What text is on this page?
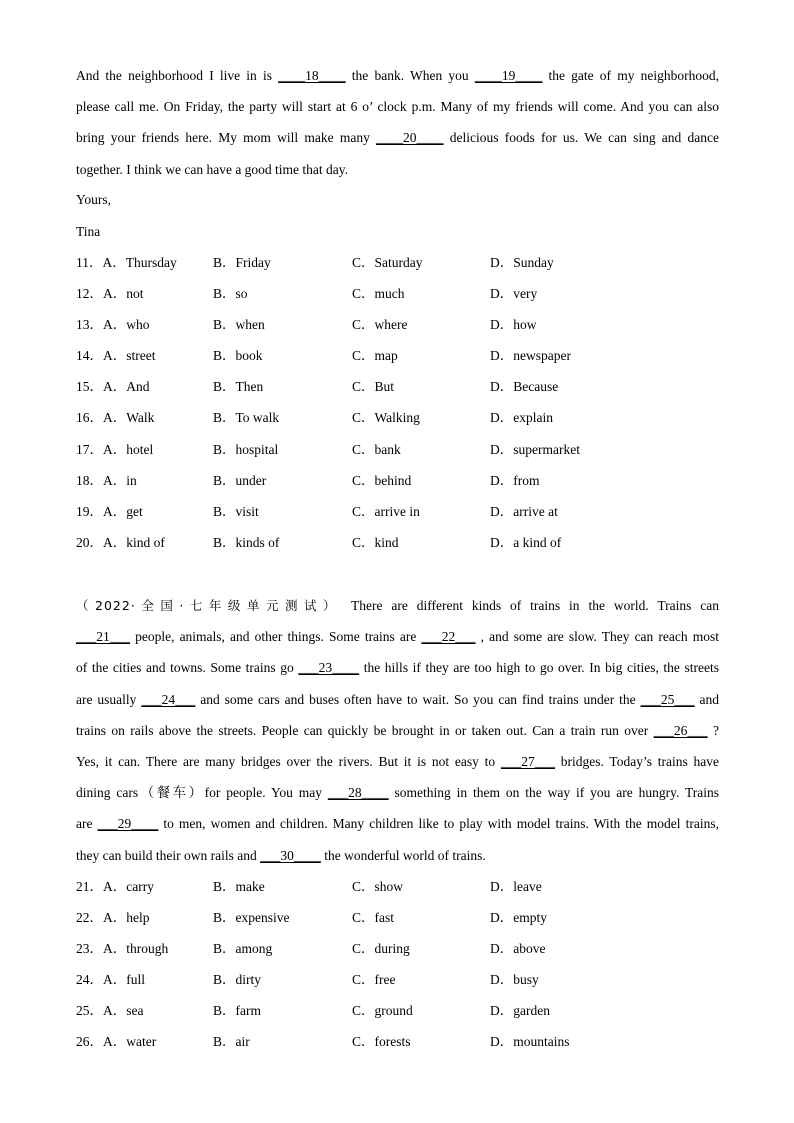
And the neighborhood I live in is ____18____ the bank. When you ____19____ the gate of my neighborhood,
please call me. On Friday, the party will start at 6 o’ clock p.m. Many of my friends will come. And you can also
bring your friends here. My mom will make many ____20____ delicious foods for us. We can sing and dance
together. I think we can have a good time that day.
Yours,
Tina
11．A．Thursday	B．Friday	C．Saturday	D．Sunday
12．A．not	B．so	C．much	D．very
13．A．who	B．when	C．where	D．how
14．A．street	B．book	C．map	D．newspaper
15．A．And	B．Then	C．But	D．Because
16．A．Walk	B．To walk	C．Walking	D．explain
17．A．hotel	B．hospital	C．bank	D．supermarket
18．A．in	B．under	C．behind	D．from
19．A．get	B．visit	C．arrive in	D．arrive at
20．A．kind of	B．kinds of	C．kind	D．a kind of
（2022·全国·七年级单元测试） There are different kinds of trains in the world. Trains can
___21___ people, animals, and other things. Some trains are ___22___ , and some are slow. They can reach most
of the cities and towns. Some trains go ___23____ the hills if they are too high to go over. In big cities, the streets
are usually ___24___ and some cars and buses often have to wait. So you can find trains under the ___25___ and
trains on rails above the streets. People can quickly be brought in or taken out. Can a train run over ___26___ ?
Yes, it can. There are many bridges over the rivers. But it is not easy to ___27___ bridges. Today’s trains have
dining cars（餐车）for people. You may ___28____ something in them on the way if you are hungry. Trains
are ___29____ to men, women and children. Many children like to play with model trains. With the model trains,
they can build their own rails and ___30____ the wonderful world of trains.
21．A．carry	B．make	C．show	D．leave
22．A．help	B．expensive	C．fast	D．empty
23．A．through	B．among	C．during	D．above
24．A．full	B．dirty	C．free	D．busy
25．A．sea	B．farm	C．ground	D．garden
26．A．water	B．air	C．forests	D．mountains
